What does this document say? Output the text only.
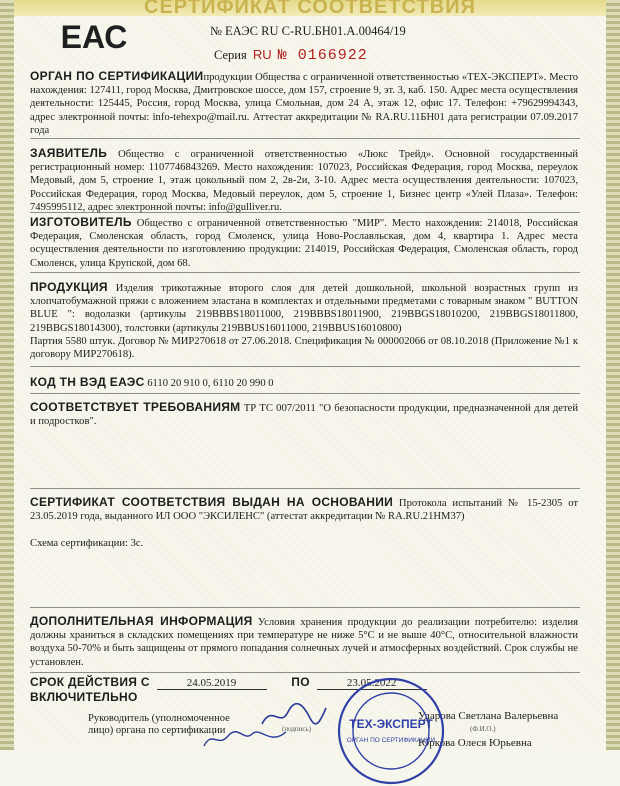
СЕРТИФИКАТ СООТВЕТСТВИЯ
ЕАС	№ ЕАЭС RU C-RU.БН01.А.00464/19
Серия RU № 0166922
ОРГАН ПО СЕРТИФИКАЦИИпродукции Общества с ограниченной ответственностью «ТЕХ-ЭКСПЕРТ». Место нахождения: 127411, город Москва, Дмитровское шоссе, дом 157, строение 9, эт. 3, каб. 150. Адрес места осуществления деятельности: 125445, Россия, город Москва, улица Смольная, дом 24 А, этаж 12, офис 17. Телефон: +79629994343, адрес электронной почты: info-tehexpo@mail.ru. Аттестат аккредитации № RA.RU.11БН01 дата регистрации 07.09.2017 года
ЗАЯВИТЕЛЬ Общество с ограниченной ответственностью «Люкс Трейд». Основной государственный регистрационный номер: 1107746843269. Место нахождения: 107023, Российская Федерация, город Москва, переулок Медовый, дом 5, строение 1, этаж цокольный пом 2, 2в-2и, 3-10. Адрес места осуществления деятельности: 107023, Российская Федерация, город Москва, Медовый переулок, дом 5, строение 1, Бизнес центр «Улей Плаза». Телефон: 74959951​12, адрес электронной почты: info@gulliver.ru.
ИЗГОТОВИТЕЛЬ Общество с ограниченной ответственностью "МИР". Место нахождения: 214018, Российская Федерация, Смоленская область, город Смоленск, улица Ново-Рославльская, дом 4, квартира 1. Адрес места осуществления деятельности по изготовлению продукции: 214019, Российская Федерация, Смоленская область, город Смоленск, улица Крупской, дом 68.
ПРОДУКЦИЯ Изделия трикотажные второго слоя для детей дошкольной, школьной возрастных групп из хлопчатобумажной пряжи с вложением эластана в комплектах и отдельными предметами с товарным знаком " BUTTON BLUE ": водолазки (артикулы 219BBBS18011000, 219BBBS18011900, 219BBGS18010200, 219BBGS18011800, 219BBGS18014300), толстовки (артикулы 219BBUS16011000, 219BBUS16010800)
Партия 5580 штук. Договор № МИР270618 от 27.06.2018. Спецификация № 000002066 от 08.10.2018 (Приложение №1 к договору МИР270618).
КОД ТН ВЭД ЕАЭС 6110 20 910 0, 6110 20 990 0
СООТВЕТСТВУЕТ ТРЕБОВАНИЯМ ТР ТС 007/2011 "О безопасности продукции, предназначенной для детей и подростков".
СЕРТИФИКАТ СООТВЕТСТВИЯ ВЫДАН НА ОСНОВАНИИ Протокола испытаний № 15-2305 от 23.05.2019 года, выданного ИЛ ООО "ЭКСИЛЕНС" (аттестат аккредитации № RA.RU.21НМ37)
Схема сертификации: 3с.
ДОПОЛНИТЕЛЬНАЯ ИНФОРМАЦИЯ Условия хранения продукции до реализации потребителю: изделия должны храниться в складских помещениях при температуре не ниже 5°С и не выше 40°С, относительной влажности воздуха 50-70% и быть защищены от прямого попадания солнечных лучей и атмосферных воздействий. Срок службы не установлен.
СРОК ДЕЙСТВИЯ С	24.05.2019	ПО	23.05.2022
ВКЛЮЧИТЕЛЬНО
Руководитель (уполномоченное
лицо) органа по сертификации	(подпись)	(Ф.И.О.)
Ударова Светлана Валерьевна
Юркова Олеся Юрьевна
ТЕХ-ЭКСПЕРТ
ОРГАН ПО СЕРТИФИКАЦИИ
